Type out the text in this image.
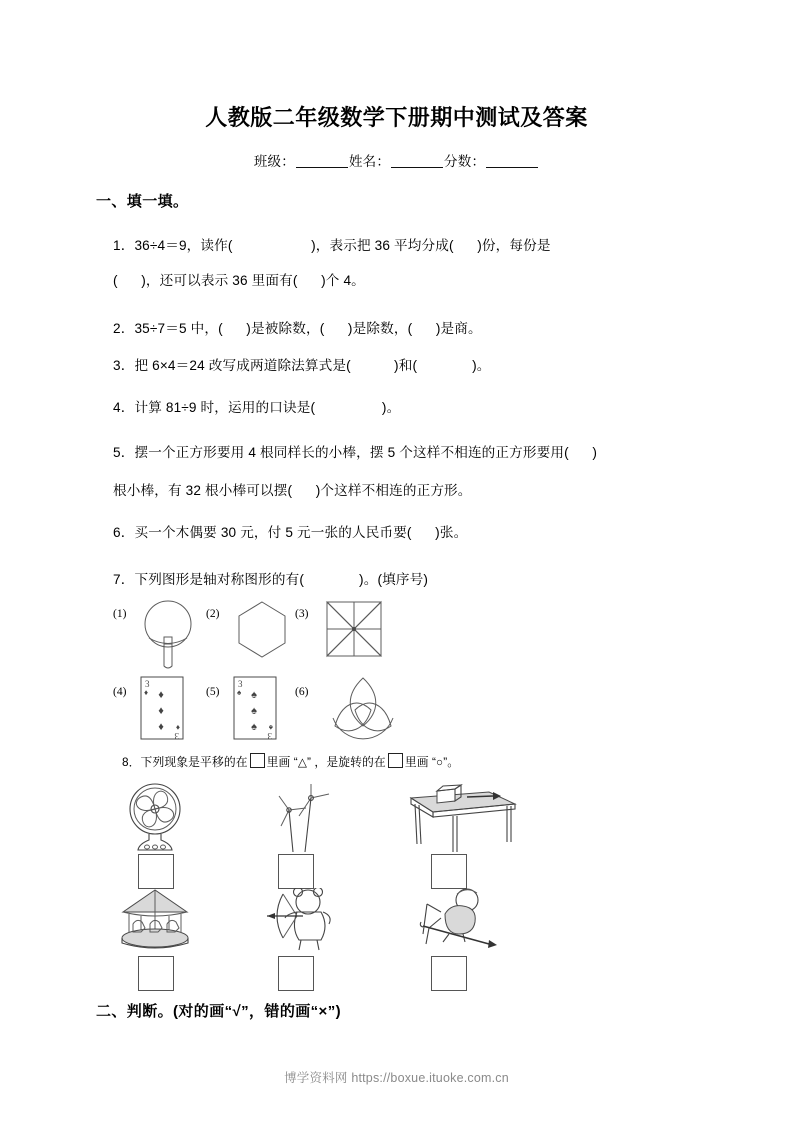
人教版二年级数学下册期中测试及答案
班级：	姓名：	分数：
一、填一填。
1．36÷4＝9，读作(                    )，表示把 36 平均分成(      )份，每份是
(      )，还可以表示 36 里面有(      )个 4。
2．35÷7＝5 中，(      )是被除数，(      )是除数，(      )是商。
3．把 6×4＝24 改写成两道除法算式是(           )和(              )。
4．计算 81÷9 时，运用的口诀是(                 )。
5．摆一个正方形要用 4 根同样长的小棒，摆 5 个这样不相连的正方形要用(      )
根小棒，有 32 根小棒可以摆(      )个这样不相连的正方形。
6．买一个木偶要 30 元，付 5 元一张的人民币要(      )张。
7．下列图形是轴对称图形的有(              )。(填序号)
(1)	(2)	(3)
(4)
3
♦ ♦
♦
♦
3
♦
(5)
3
♠ ♠
♠
♠
3
♠
(6)
8．下列现象是平移的在 里画 “△” ，是旋转的在 里画 “○”。
二、判断。(对的画“√”，错的画“×”)
博学资料网 https://boxue.ituoke.com.cn
